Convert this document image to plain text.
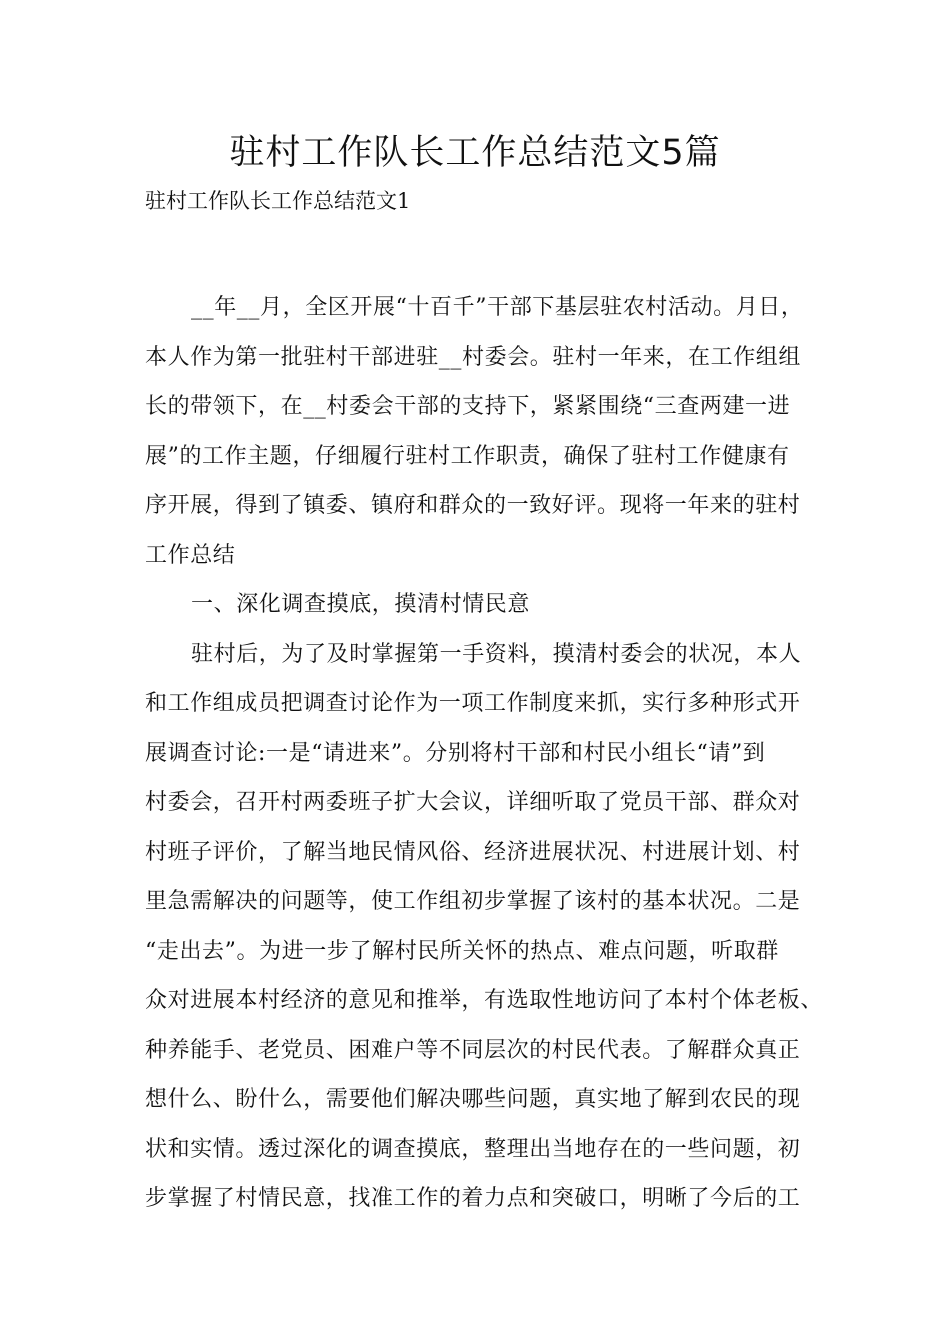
驻村工作队长工作总结范文5篇

驻村工作队长工作总结范文1

__年__月，全区开展“十百千”干部下基层驻农村活动。月日，
本人作为第一批驻村干部进驻__村委会。驻村一年来，在工作组组
长的带领下，在__村委会干部的支持下，紧紧围绕“三查两建一进
展”的工作主题，仔细履行驻村工作职责，确保了驻村工作健康有
序开展，得到了镇委、镇府和群众的一致好评。现将一年来的驻村
工作总结
一、深化调查摸底，摸清村情民意
驻村后，为了及时掌握第一手资料，摸清村委会的状况，本人
和工作组成员把调查讨论作为一项工作制度来抓，实行多种形式开
展调查讨论:一是“请进来”。分别将村干部和村民小组长“请”到
村委会，召开村两委班子扩大会议，详细听取了党员干部、群众对
村班子评价，了解当地民情风俗、经济进展状况、村进展计划、村
里急需解决的问题等，使工作组初步掌握了该村的基本状况。二是
“走出去”。为进一步了解村民所关怀的热点、难点问题，听取群
众对进展本村经济的意见和推举，有选取性地访问了本村个体老板、
种养能手、老党员、困难户等不同层次的村民代表。了解群众真正
想什么、盼什么，需要他们解决哪些问题，真实地了解到农民的现
状和实情。透过深化的调查摸底，整理出当地存在的一些问题，初
步掌握了村情民意，找准工作的着力点和突破口，明晰了今后的工
